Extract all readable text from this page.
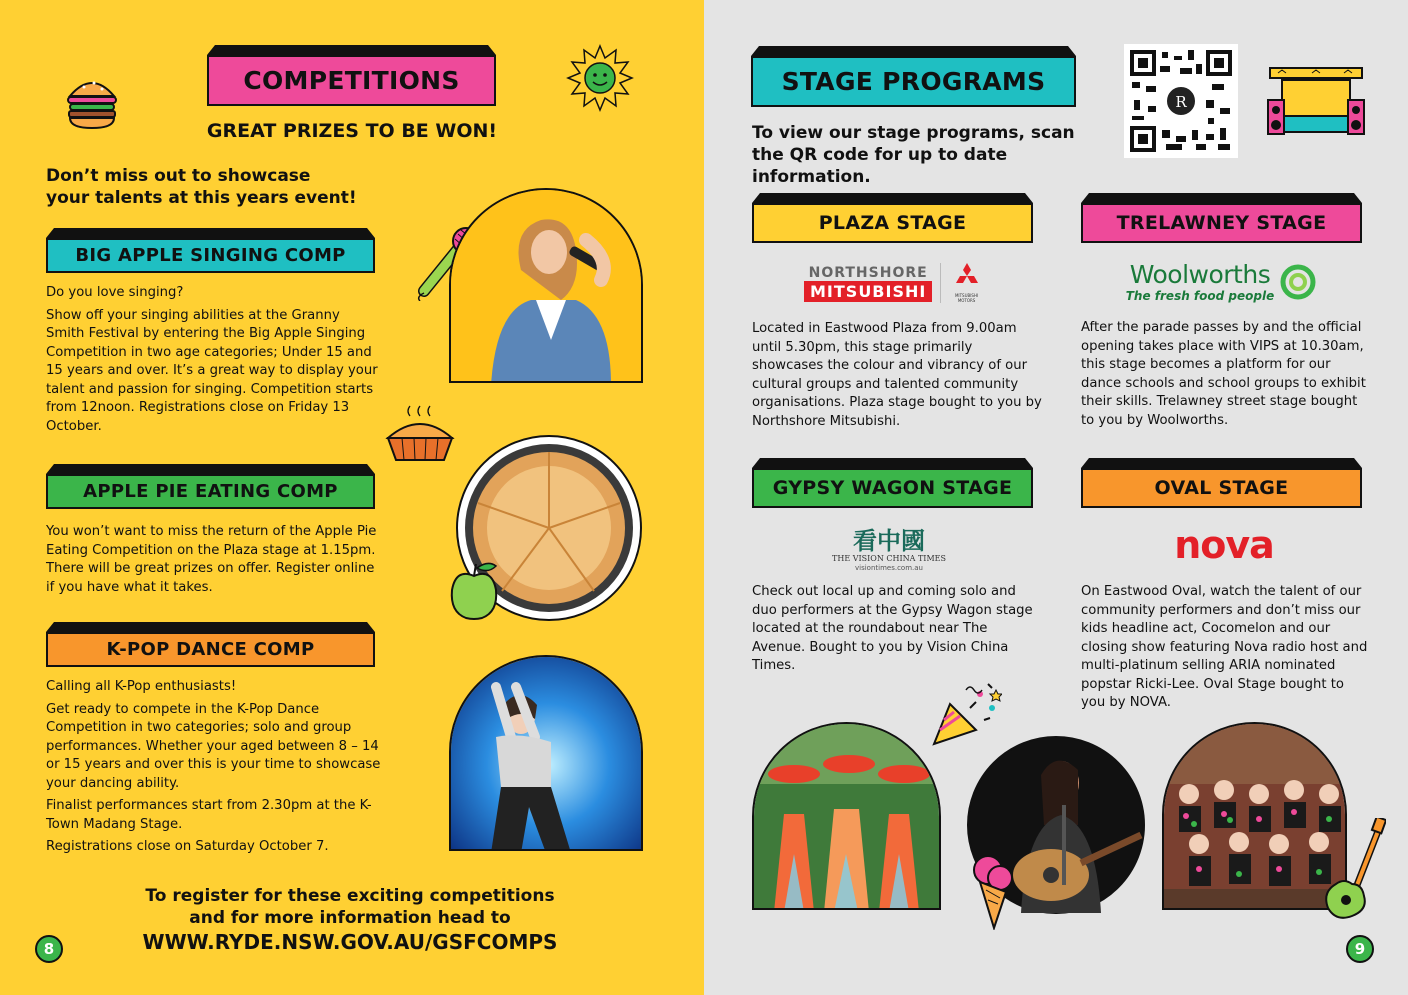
COMPETITIONS
GREAT PRIZES TO BE WON!
Don’t miss out to showcase
your talents at this years event!
BIG APPLE SINGING COMP

Do you love singing?

Show off your singing abilities at the Granny Smith Festival by entering the Big Apple Singing Competition in two age categories; Under 15 and 15 years and over. It’s a great way to display your talent and passion for singing. Competition starts from 12noon. Registrations close on Friday 13 October.

APPLE PIE EATING COMP

You won’t want to miss the return of the Apple Pie Eating Competition on the Plaza stage at 1.15pm. There will be great prizes on offer. Register online if you have what it takes.

K-POP DANCE COMP

Calling all K-Pop enthusiasts!

Get ready to compete in the K-Pop Dance Competition in two categories; solo and group performances. Whether your aged between 8 – 14 or 15 years and over this is your time to showcase your dancing ability.

Finalist performances start from 2.30pm at the K-Town Madang Stage.

Registrations close on Saturday October 7.

To register for these exciting competitions
and for more information head to
WWW.RYDE.NSW.GOV.AU/GSFCOMPS
8
STAGE PROGRAMS
To view our stage programs, scan the QR code for up to date information.
R
PLAZA STAGE
NORTHSHORE
MITSUBISHI	MITSUBISHI MOTORS
Located in Eastwood Plaza from 9.00am until 5.30pm, this stage primarily showcases the colour and vibrancy of our cultural groups and talented community organisations. Plaza stage bought to you by Northshore Mitsubishi.
TRELAWNEY STAGE
Woolworths
The fresh food people
After the parade passes by and the official opening takes place with VIPS at 10.30am, this stage becomes a platform for our dance schools and school groups to exhibit their skills. Trelawney street stage bought to you by Woolworths.
GYPSY WAGON STAGE
看中國
THE VISION CHINA TIMES
visiontimes.com.au
Check out local up and coming solo and duo performers at the Gypsy Wagon stage located at the roundabout near The Avenue. Bought to you by Vision China Times.
OVAL STAGE
nova
On Eastwood Oval, watch the talent of our community performers and don’t miss our kids headline act, Cocomelon and our closing show featuring Nova radio host and multi-platinum selling ARIA nominated popstar Ricki-Lee. Oval Stage bought to you by NOVA.
9
